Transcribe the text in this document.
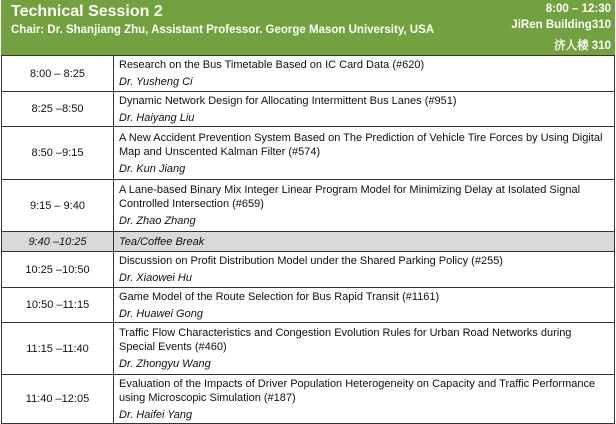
Technical Session 2
Chair: Dr. Shanjiang Zhu, Assistant Professor. George Mason University, USA
8:00 – 12:30
JiRen Building310
济人楼 310
8:00 – 8:25	Research on the Bus Timetable Based on IC Card Data (#620)
Dr. Yusheng Ci

8:25 –8:50	Dynamic Network Design for Allocating Intermittent Bus Lanes (#951)
Dr. Haiyang Liu

8:50 –9:15	A New Accident Prevention System Based on The Prediction of Vehicle Tire Forces by Using Digital Map and Unscented Kalman Filter (#574)
Dr. Kun Jiang

9:15 – 9:40	A Lane-based Binary Mix Integer Linear Program Model for Minimizing Delay at Isolated Signal Controlled Intersection (#659)
Dr. Zhao Zhang

9:40 –10:25	Tea/Coffee Break
10:25 –10:50	Discussion on Profit Distribution Model under the Shared Parking Policy (#255)
Dr. Xiaowei Hu

10:50 –11:15	Game Model of the Route Selection for Bus Rapid Transit (#1161)
Dr. Huawei Gong

11:15 –11:40	Traffic Flow Characteristics and Congestion Evolution Rules for Urban Road Networks during Special Events (#460)
Dr. Zhongyu Wang

11:40 –12:05	Evaluation of the Impacts of Driver Population Heterogeneity on Capacity and Traffic Performance using Microscopic Simulation (#187)
Dr. Haifei Yang
